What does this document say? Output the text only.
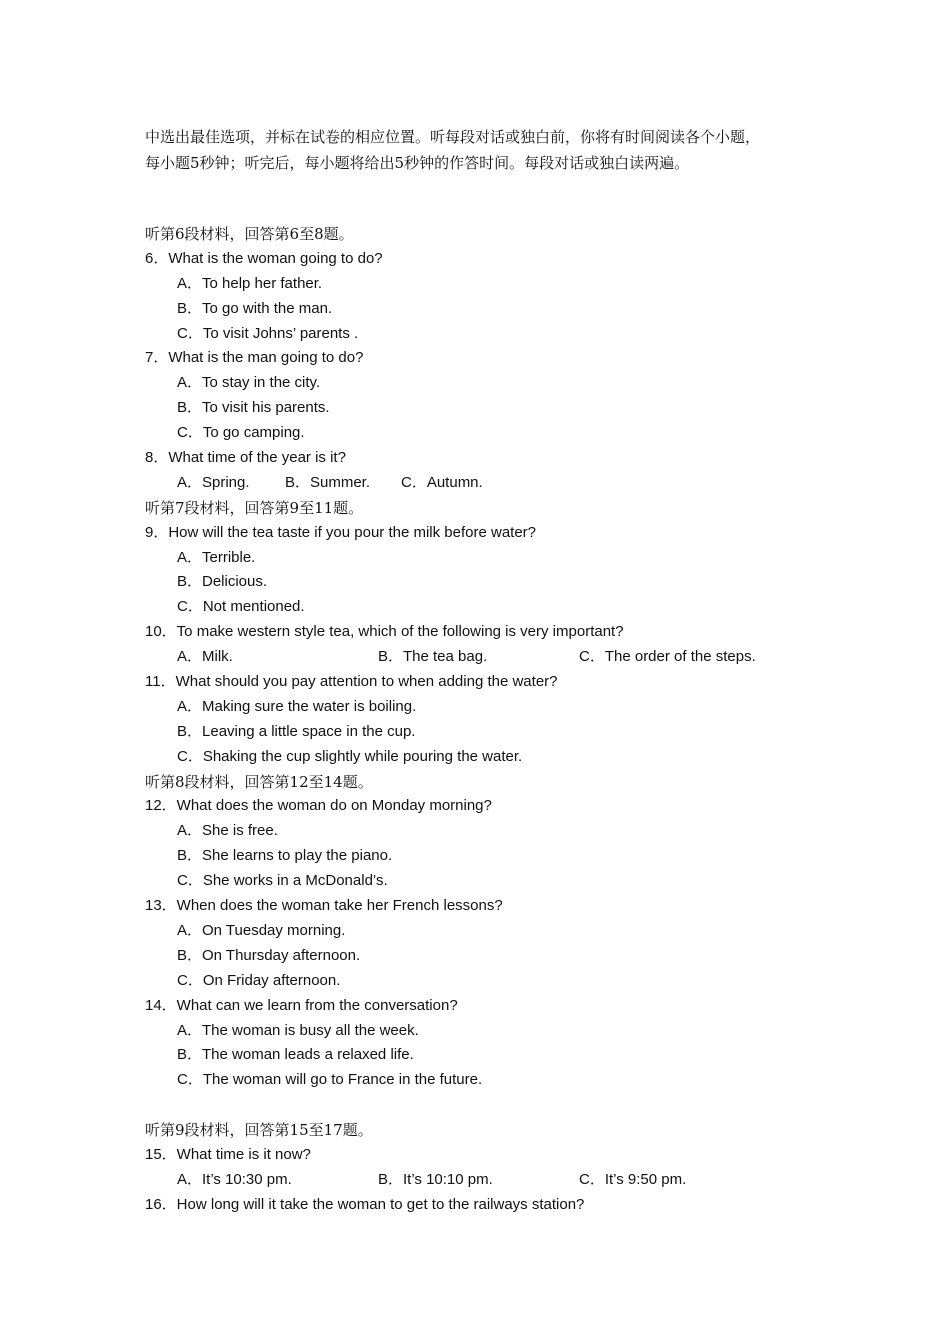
中选出最佳选项，并标在试卷的相应位置。听每段对话或独白前，你将有时间阅读各个小题，

每小题5秒钟；听完后，每小题将给出5秒钟的作答时间。每段对话或独白读两遍。

听第6段材料，回答第6至8题。
6．What is the woman going to do?
A．To help her father.
B．To go with the man.
C．To visit Johns’ parents .
7．What is the man going to do?
A．To stay in the city.
B．To visit his parents.
C．To go camping.
8．What time of the year is it?
A．Spring.	B．Summer.	C．Autumn.
听第7段材料，回答第9至11题。
9．How will the tea taste if you pour the milk before water?
A．Terrible.
B．Delicious.
C．Not mentioned.
10．To make western style tea, which of the following is very important?
A．Milk.	B．The tea bag.	C．The order of the steps.
11．What should you pay attention to when adding the water?
A．Making sure the water is boiling.
B．Leaving a little space in the cup.
C．Shaking the cup slightly while pouring the water.
听第8段材料，回答第12至14题。
12．What does the woman do on Monday morning?
A．She is free.
B．She learns to play the piano.
C．She works in a McDonald’s.
13．When does the woman take her French lessons?
A．On Tuesday morning.
B．On Thursday afternoon.
C．On Friday afternoon.
14．What can we learn from the conversation?
A．The woman is busy all the week.
B．The woman leads a relaxed life.
C．The woman will go to France in the future.
听第9段材料，回答第15至17题。
15．What time is it now?
A．It’s 10:30 pm.	B．It’s 10:10 pm.	C．It’s 9:50 pm.
16．How long will it take the woman to get to the railways station?
